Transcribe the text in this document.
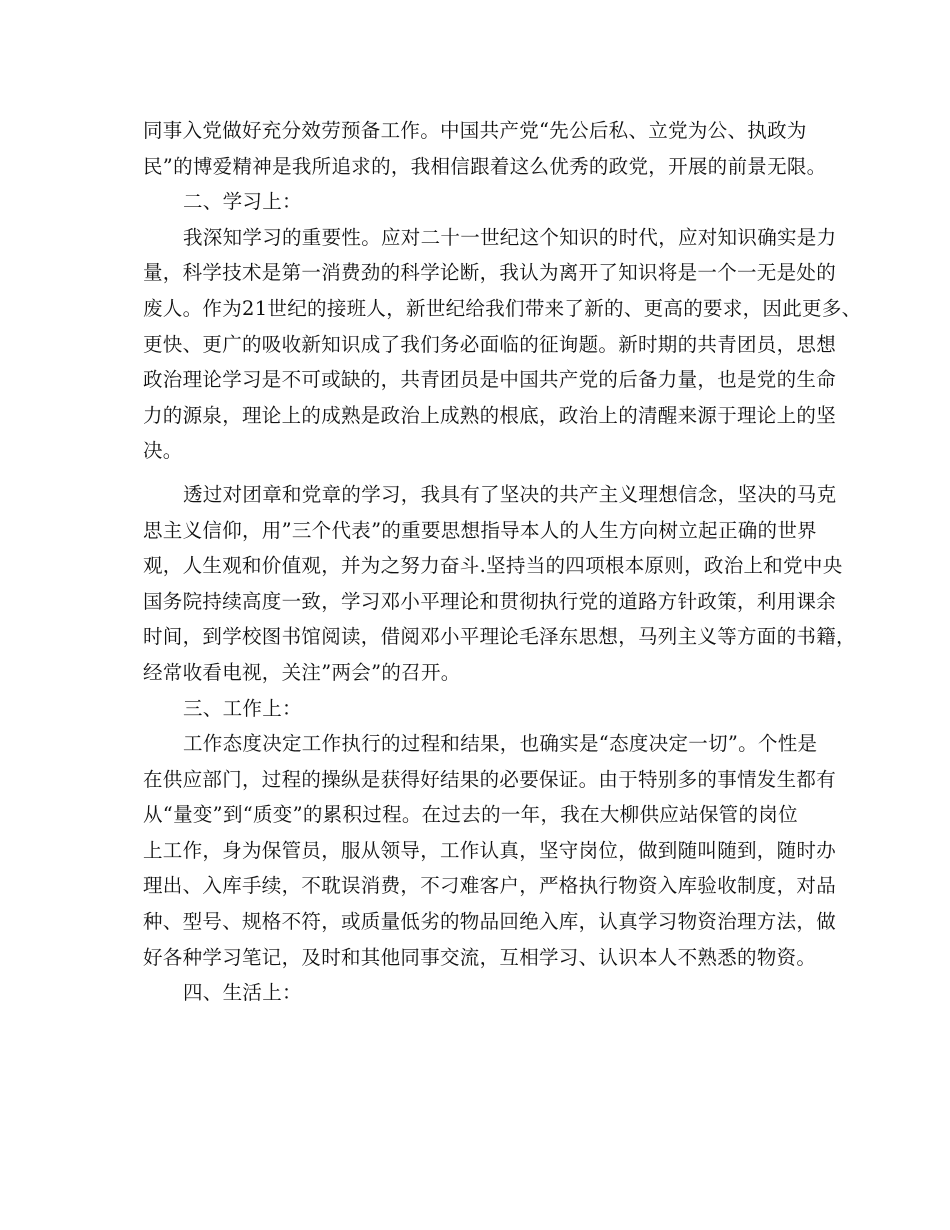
同事入党做好充分效劳预备工作。中国共产党“先公后私、立党为公、执政为
民”的博爱精神是我所追求的，我相信跟着这么优秀的政党，开展的前景无限。
二、学习上：
我深知学习的重要性。应对二十一世纪这个知识的时代，应对知识确实是力
量，科学技术是第一消费劲的科学论断，我认为离开了知识将是一个一无是处的
废人。作为21世纪的接班人，新世纪给我们带来了新的、更高的要求，因此更多、
更快、更广的吸收新知识成了我们务必面临的征询题。新时期的共青团员，思想
政治理论学习是不可或缺的，共青团员是中国共产党的后备力量，也是党的生命
力的源泉，理论上的成熟是政治上成熟的根底，政治上的清醒来源于理论上的坚
决。
透过对团章和党章的学习，我具有了坚决的共产主义理想信念，坚决的马克
思主义信仰，用”三个代表”的重要思想指导本人的人生方向树立起正确的世界
观，人生观和价值观，并为之努力奋斗.坚持当的四项根本原则，政治上和党中央
国务院持续高度一致，学习邓小平理论和贯彻执行党的道路方针政策，利用课余
时间，到学校图书馆阅读，借阅邓小平理论毛泽东思想，马列主义等方面的书籍，
经常收看电视，关注”两会”的召开。
三、工作上：
工作态度决定工作执行的过程和结果，也确实是“态度决定一切”。个性是
在供应部门，过程的操纵是获得好结果的必要保证。由于特别多的事情发生都有
从“量变”到“质变”的累积过程。在过去的一年，我在大柳供应站保管的岗位
上工作，身为保管员，服从领导，工作认真，坚守岗位，做到随叫随到，随时办
理出、入库手续，不耽误消费，不刁难客户，严格执行物资入库验收制度，对品
种、型号、规格不符，或质量低劣的物品回绝入库，认真学习物资治理方法，做
好各种学习笔记，及时和其他同事交流，互相学习、认识本人不熟悉的物资。
四、生活上：
